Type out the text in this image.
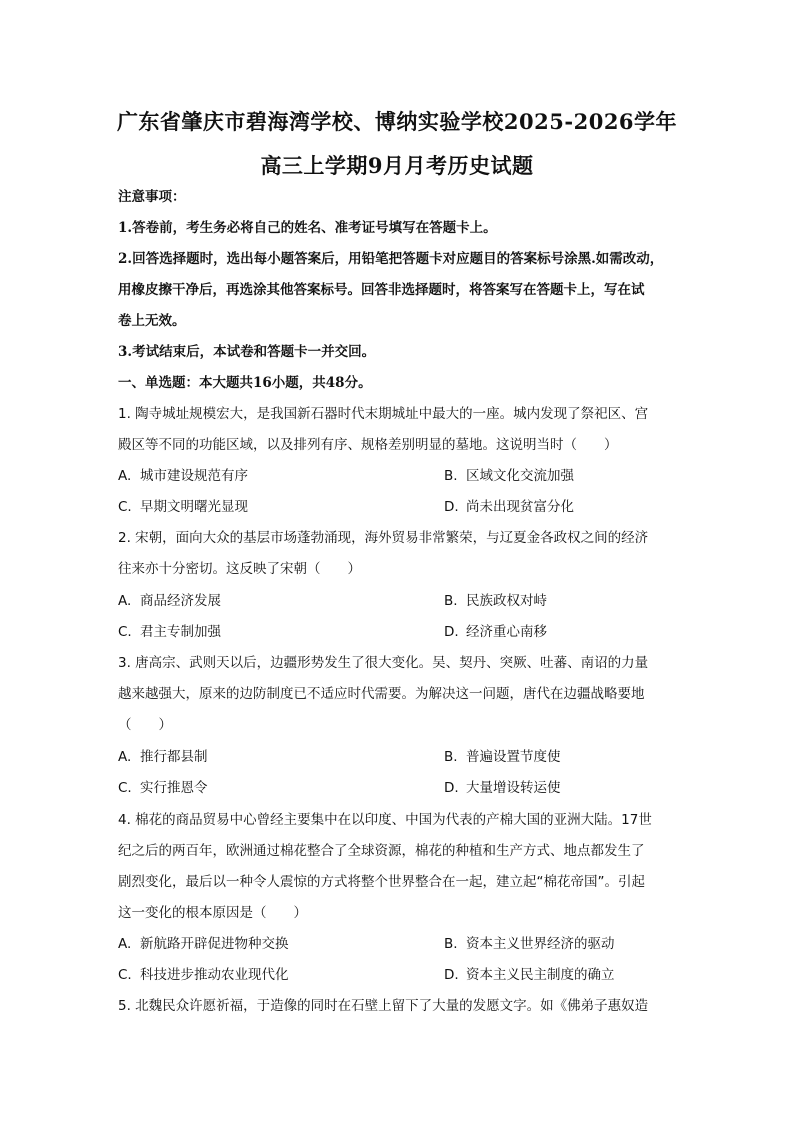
广东省肇庆市碧海湾学校、博纳实验学校2025-2026学年
高三上学期9月月考历史试题
注意事项：
1.答卷前，考生务必将自己的姓名、准考证号填写在答题卡上。
2.回答选择题时，选出每小题答案后，用铅笔把答题卡对应题目的答案标号涂黑.如需改动，
用橡皮擦干净后，再选涂其他答案标号。回答非选择题时，将答案写在答题卡上，写在试
卷上无效。
3.考试结束后，本试卷和答题卡一并交回。
一、单选题：本大题共16小题，共48分。
1. 陶寺城址规模宏大，是我国新石器时代末期城址中最大的一座。城内发现了祭祀区、宫
殿区等不同的功能区域，以及排列有序、规格差别明显的墓地。这说明当时（　　）
A. 城市建设规范有序	B. 区域文化交流加强
C. 早期文明曙光显现	D. 尚未出现贫富分化
2. 宋朝，面向大众的基层市场蓬勃涌现，海外贸易非常繁荣，与辽夏金各政权之间的经济
往来亦十分密切。这反映了宋朝（　　）
A. 商品经济发展	B. 民族政权对峙
C. 君主专制加强	D. 经济重心南移
3. 唐高宗、武则天以后，边疆形势发生了很大变化。吴、契丹、突厥、吐蕃、南诏的力量
越来越强大，原来的边防制度已不适应时代需要。为解决这一问题，唐代在边疆战略要地
（　　）
A. 推行都县制	B. 普遍设置节度使
C. 实行推恩令	D. 大量增设转运使
4. 棉花的商品贸易中心曾经主要集中在以印度、中国为代表的产棉大国的亚洲大陆。17世
纪之后的两百年，欧洲通过棉花整合了全球资源，棉花的种植和生产方式、地点都发生了
剧烈变化，最后以一种令人震惊的方式将整个世界整合在一起，建立起“棉花帝国”。引起
这一变化的根本原因是（　　）
A. 新航路开辟促进物种交换	B. 资本主义世界经济的驱动
C. 科技进步推动农业现代化	D. 资本主义民主制度的确立
5. 北魏民众许愿祈福，于造像的同时在石壁上留下了大量的发愿文字。如《佛弟子惠奴造
